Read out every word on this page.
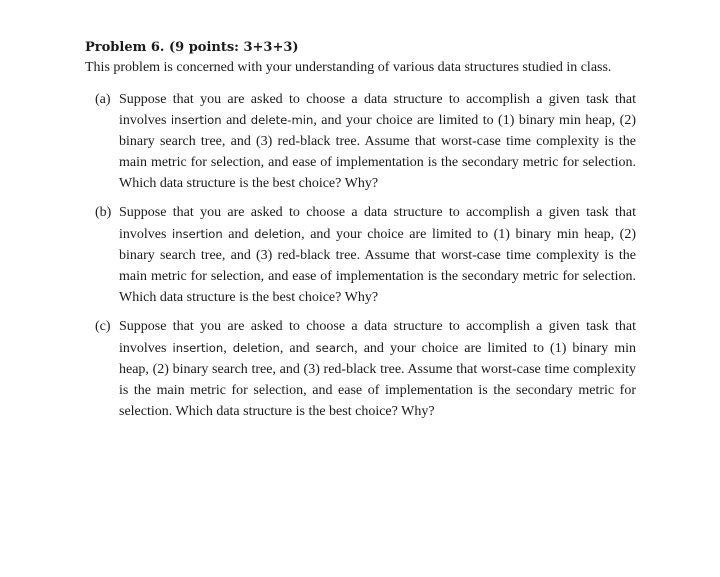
Problem 6. (9 points: 3+3+3)

This problem is concerned with your understanding of various data structures studied in class.

(a) Suppose that you are asked to choose a data structure to accomplish a given task that involves insertion and delete-min, and your choice are limited to (1) binary min heap, (2) binary search tree, and (3) red-black tree. Assume that worst-case time complexity is the main metric for selection, and ease of implementation is the secondary metric for selection. Which data structure is the best choice? Why?
(b) Suppose that you are asked to choose a data structure to accomplish a given task that involves insertion and deletion, and your choice are limited to (1) binary min heap, (2) binary search tree, and (3) red-black tree. Assume that worst-case time complexity is the main metric for selection, and ease of implementation is the secondary metric for selection. Which data structure is the best choice? Why?
(c) Suppose that you are asked to choose a data structure to accomplish a given task that involves insertion, deletion, and search, and your choice are limited to (1) binary min heap, (2) binary search tree, and (3) red-black tree. Assume that worst-case time complexity is the main metric for selection, and ease of implementation is the secondary metric for selection. Which data structure is the best choice? Why?
